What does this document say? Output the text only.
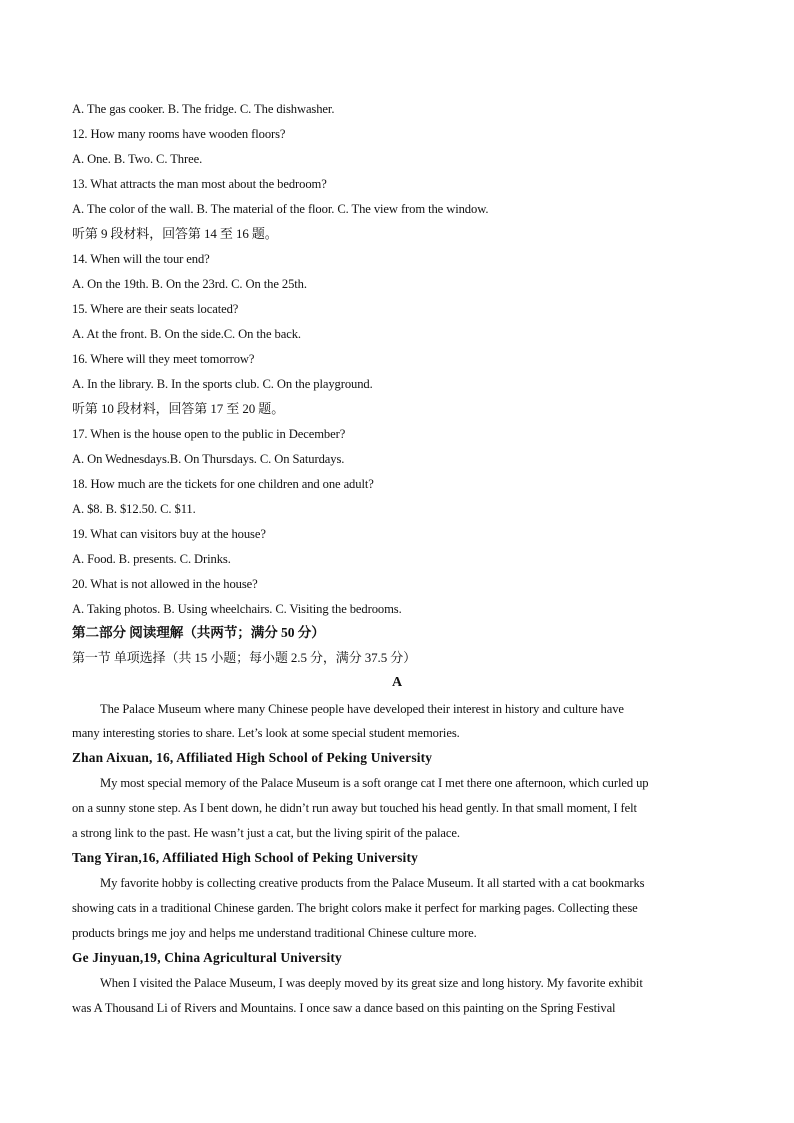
A. The gas cooker. B. The fridge. C. The dishwasher.
12. How many rooms have wooden floors?
A. One. B. Two. C. Three.
13. What attracts the man most about the bedroom?
A. The color of the wall. B. The material of the floor. C. The view from the window.
听第 9 段材料，回答第 14 至 16 题。
14. When will the tour end?
A. On the 19th. B. On the 23rd. C. On the 25th.
15. Where are their seats located?
A. At the front. B. On the side.C. On the back.
16. Where will they meet tomorrow?
A. In the library. B. In the sports club. C. On the playground.
听第 10 段材料，回答第 17 至 20 题。
17. When is the house open to the public in December?
A. On Wednesdays.B. On Thursdays. C. On Saturdays.
18. How much are the tickets for one children and one adult?
A. $8. B. $12.50. C. $11.
19. What can visitors buy at the house?
A. Food. B. presents. C. Drinks.
20. What is not allowed in the house?
A. Taking photos. B. Using wheelchairs. C. Visiting the bedrooms.
第二部分 阅读理解（共两节；满分 50 分）
第一节 单项选择（共 15 小题；每小题 2.5 分，满分 37.5 分）
A
The Palace Museum where many Chinese people have developed their interest in history and culture have
many interesting stories to share. Let’s look at some special student memories.
Zhan Aixuan, 16, Affiliated High School of Peking University
My most special memory of the Palace Museum is a soft orange cat I met there one afternoon, which curled up
on a sunny stone step. As I bent down, he didn’t run away but touched his head gently. In that small moment, I felt
a strong link to the past. He wasn’t just a cat, but the living spirit of the palace.
Tang Yiran,16, Affiliated High School of Peking University
My favorite hobby is collecting creative products from the Palace Museum. It all started with a cat bookmarks
showing cats in a traditional Chinese garden. The bright colors make it perfect for marking pages. Collecting these
products brings me joy and helps me understand traditional Chinese culture more.
Ge Jinyuan,19, China Agricultural University
When I visited the Palace Museum, I was deeply moved by its great size and long history. My favorite exhibit
was A Thousand Li of Rivers and Mountains. I once saw a dance based on this painting on the Spring Festival
